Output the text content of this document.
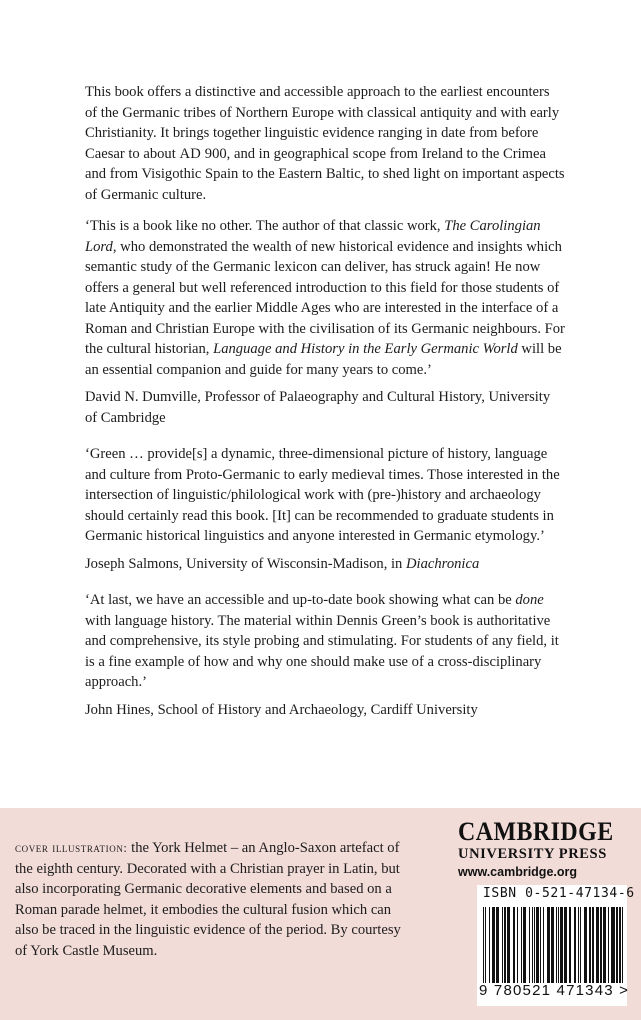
This book offers a distinctive and accessible approach to the earliest encounters of the Germanic tribes of Northern Europe with classical antiquity and with early Christianity. It brings together linguistic evidence ranging in date from before Caesar to about AD 900, and in geographical scope from Ireland to the Crimea and from Visigothic Spain to the Eastern Baltic, to shed light on important aspects of Germanic culture.

‘This is a book like no other. The author of that classic work, The Carolingian Lord, who demonstrated the wealth of new historical evidence and insights which semantic study of the Germanic lexicon can deliver, has struck again! He now offers a general but well referenced introduction to this field for those students of late Antiquity and the earlier Middle Ages who are interested in the interface of a Roman and Christian Europe with the civilisation of its Germanic neighbours. For the cultural historian, Language and History in the Early Germanic World will be an essential companion and guide for many years to come.’

David N. Dumville, Professor of Palaeography and Cultural History, University of Cambridge

‘Green … provide[s] a dynamic, three-dimensional picture of history, language and culture from Proto-Germanic to early medieval times. Those interested in the intersection of linguistic/philological work with (pre-)history and archaeology should certainly read this book. [It] can be recommended to graduate students in Germanic historical linguistics and anyone interested in Germanic etymology.’

Joseph Salmons, University of Wisconsin-Madison, in Diachronica

‘At last, we have an accessible and up-to-date book showing what can be done with language history. The material within Dennis Green’s book is authoritative and comprehensive, its style probing and stimulating. For students of any field, it is a fine example of how and why one should make use of a cross-disciplinary approach.’

John Hines, School of History and Archaeology, Cardiff University

cover illustration: the York Helmet – an Anglo-Saxon artefact of the eighth century. Decorated with a Christian prayer in Latin, but also incorporating Germanic decorative elements and based on a Roman parade helmet, it embodies the cultural fusion which can also be traced in the linguistic evidence of the period. By courtesy of York Castle Museum.

CAMBRIDGE
UNIVERSITY PRESS
www.cambridge.org
ISBN 0-521-47134-6
9 780521 471343 >
